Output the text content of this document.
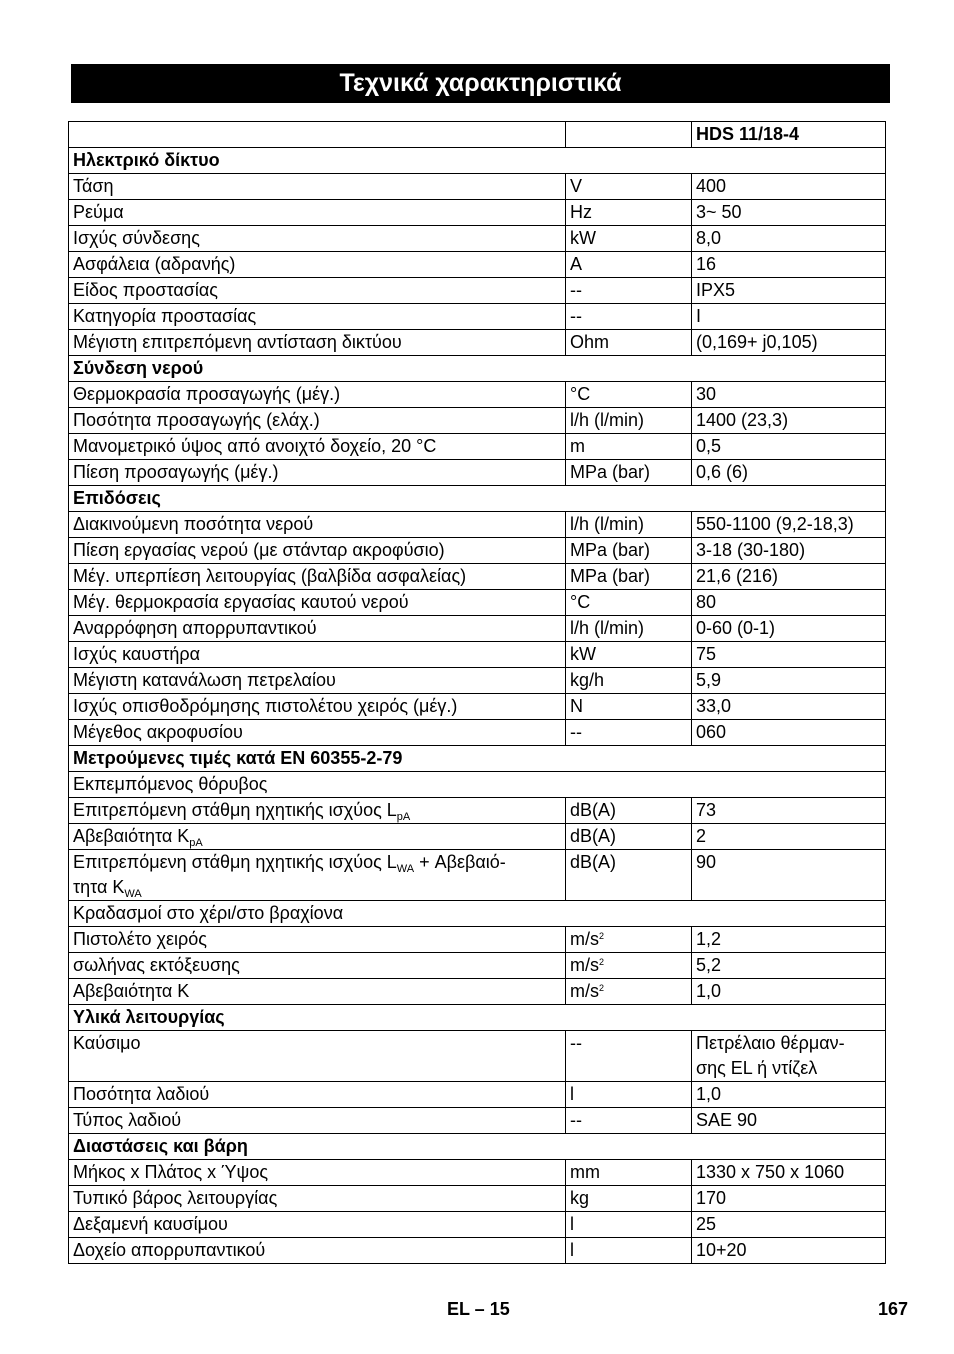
Τεχνικά χαρακτηριστικά
		HDS 11/18-4
Ηλεκτρικό δίκτυο		
Τάση	V	400
Ρεύμα	Hz	3~ 50
Ισχύς σύνδεσης	kW	8,0
Ασφάλεια (αδρανής)	A	16
Είδος προστασίας	--	IPX5
Κατηγορία προστασίας	--	I
Μέγιστη επιτρεπόμενη αντίσταση δικτύου	Ohm	(0,169+ j0,105)
Σύνδεση νερού		
Θερμοκρασία προσαγωγής (μέγ.)	°C	30
Ποσότητα προσαγωγής (ελάχ.)	l/h (l/min)	1400 (23,3)
Μανομετρικό ύψος από ανοιχτό δοχείο, 20 °C	m	0,5
Πίεση προσαγωγής (μέγ.)	MPa (bar)	0,6 (6)
Επιδόσεις		
Διακινούμενη ποσότητα νερού	l/h (l/min)	550-1100 (9,2-18,3)
Πίεση εργασίας νερού (με στάνταρ ακροφύσιο)	MPa (bar)	3-18 (30-180)
Μέγ. υπερπίεση λειτουργίας (βαλβίδα ασφαλείας)	MPa (bar)	21,6 (216)
Μέγ. θερμοκρασία εργασίας καυτού νερού	°C	80
Αναρρόφηση απορρυπαντικού	l/h (l/min)	0-60 (0-1)
Ισχύς καυστήρα	kW	75
Μέγιστη κατανάλωση πετρελαίου	kg/h	5,9
Ισχύς οπισθοδρόμησης πιστολέτου χειρός (μέγ.)	N	33,0
Μέγεθος ακροφυσίου	--	060
Μετρούμενες τιμές κατά EN 60355-2-79		
Εκπεμπόμενος θόρυβος		
Επιτρεπόμενη στάθμη ηχητικής ισχύος $L_{pA}$	dB(A)	73
Αβεβαιότητα $K_{pA}$	dB(A)	2
Επιτρεπόμενη στάθμη ηχητικής ισχύος $L_{WA} + A\beta\varepsilon\beta\alpha\iota ό-$
τητα $K_{WA}$	dB(A)	90
Κραδασμοί στο χέρι/στο βραχίονα		
Πιστολέτο χειρός	$m/s^2$	1,2
σωλήνας εκτόξευσης	$m/s^2$	5,2
Αβεβαιότητα K	$m/s^2$	1,0
Υλικά λειτουργίας		
Καύσιμο	--	Πετρέλαιο θέρμαν-
σης EL ή ντίζελ
Ποσότητα λαδιού	l	1,0
Τύπος λαδιού	--	SAE 90
Διαστάσεις και βάρη		
Μήκος x Πλάτος x Ύψος	mm	1330 x 750 x 1060
Τυπικό βάρος λειτουργίας	kg	170
Δεξαμενή καυσίμου	l	25
Δοχείο απορρυπαντικού	l	10+20
EL – 15	167
